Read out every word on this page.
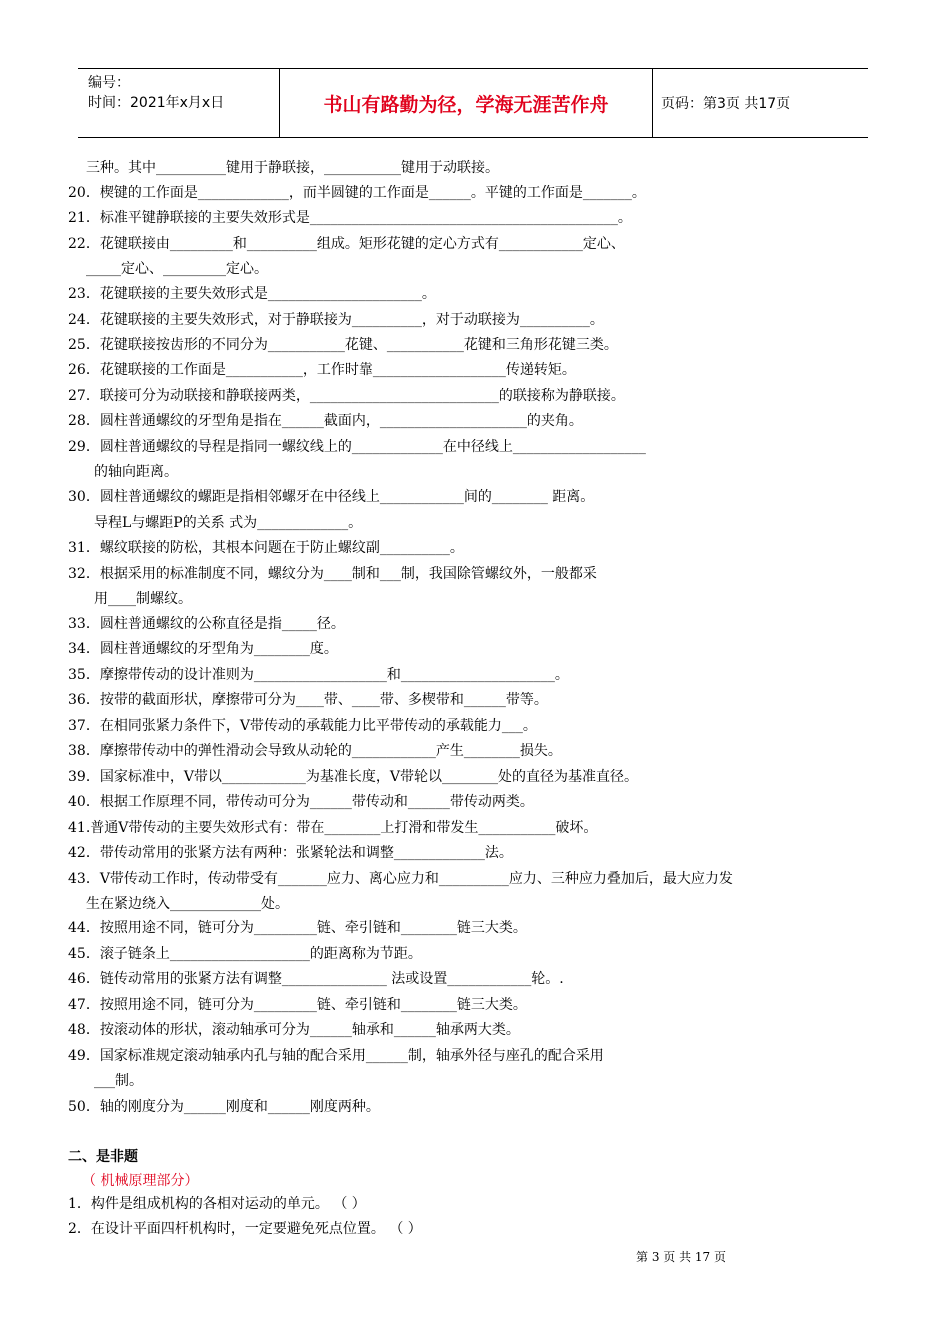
编号：
时间：2021年x月x日	书山有路勤为径，学海无涯苦作舟	页码：第3页 共17页
三种。其中__________键用于静联接，___________键用于动联接。
20．楔键的工作面是_____________，而半圆键的工作面是______。平键的工作面是_______。
21．标准平键静联接的主要失效形式是____________________________________________。
22．花键联接由_________和__________组成。矩形花键的定心方式有____________定心、
_____定心、_________定心。
23．花键联接的主要失效形式是______________________。
24．花键联接的主要失效形式，对于静联接为__________，对于动联接为__________。
25．花键联接按齿形的不同分为___________花键、___________花键和三角形花键三类。
26．花键联接的工作面是___________，工作时靠___________________传递转矩。
27．联接可分为动联接和静联接两类，___________________________的联接称为静联接。
28．圆柱普通螺纹的牙型角是指在______截面内，_____________________的夹角。
29．圆柱普通螺纹的导程是指同一螺纹线上的_____________在中径线上___________________
的轴向距离。
30．圆柱普通螺纹的螺距是指相邻螺牙在中径线上____________间的________ 距离。
导程L与螺距P的关系 式为_____________。
31．螺纹联接的防松，其根本问题在于防止螺纹副__________。
32．根据采用的标准制度不同，螺纹分为____制和___制，我国除管螺纹外，一般都采
用____制螺纹。
33．圆柱普通螺纹的公称直径是指_____径。
34．圆柱普通螺纹的牙型角为________度。
35．摩擦带传动的设计准则为___________________和______________________。
36．按带的截面形状，摩擦带可分为____带、____带、多楔带和______带等。
37．在相同张紧力条件下，V带传动的承载能力比平带传动的承载能力___。
38．摩擦带传动中的弹性滑动会导致从动轮的____________产生________损失。
39．国家标准中，V带以____________为基准长度，V带轮以________处的直径为基准直径。
40．根据工作原理不同，带传动可分为______带传动和______带传动两类。
41.普通V带传动的主要失效形式有：带在________上打滑和带发生___________破坏。
42．带传动常用的张紧方法有两种：张紧轮法和调整_____________法。
43．V带传动工作时，传动带受有_______应力、离心应力和__________应力、三种应力叠加后，最大应力发
生在紧边绕入_____________处。
44．按照用途不同，链可分为_________链、牵引链和________链三大类。
45．滚子链条上____________________的距离称为节距。
46．链传动常用的张紧方法有调整_______________ 法或设置____________轮。.
47．按照用途不同，链可分为_________链、牵引链和________链三大类。
48．按滚动体的形状，滚动轴承可分为______轴承和______轴承两大类。
49．国家标准规定滚动轴承内孔与轴的配合采用______制，轴承外径与座孔的配合采用
___制。
50．轴的刚度分为______刚度和______刚度两种。
二、是非题
（ 机械原理部分）
1．构件是组成机构的各相对运动的单元。 （ ）
2．在设计平面四杆机构时，一定要避免死点位置。 （ ）
第 3 页 共 17 页
